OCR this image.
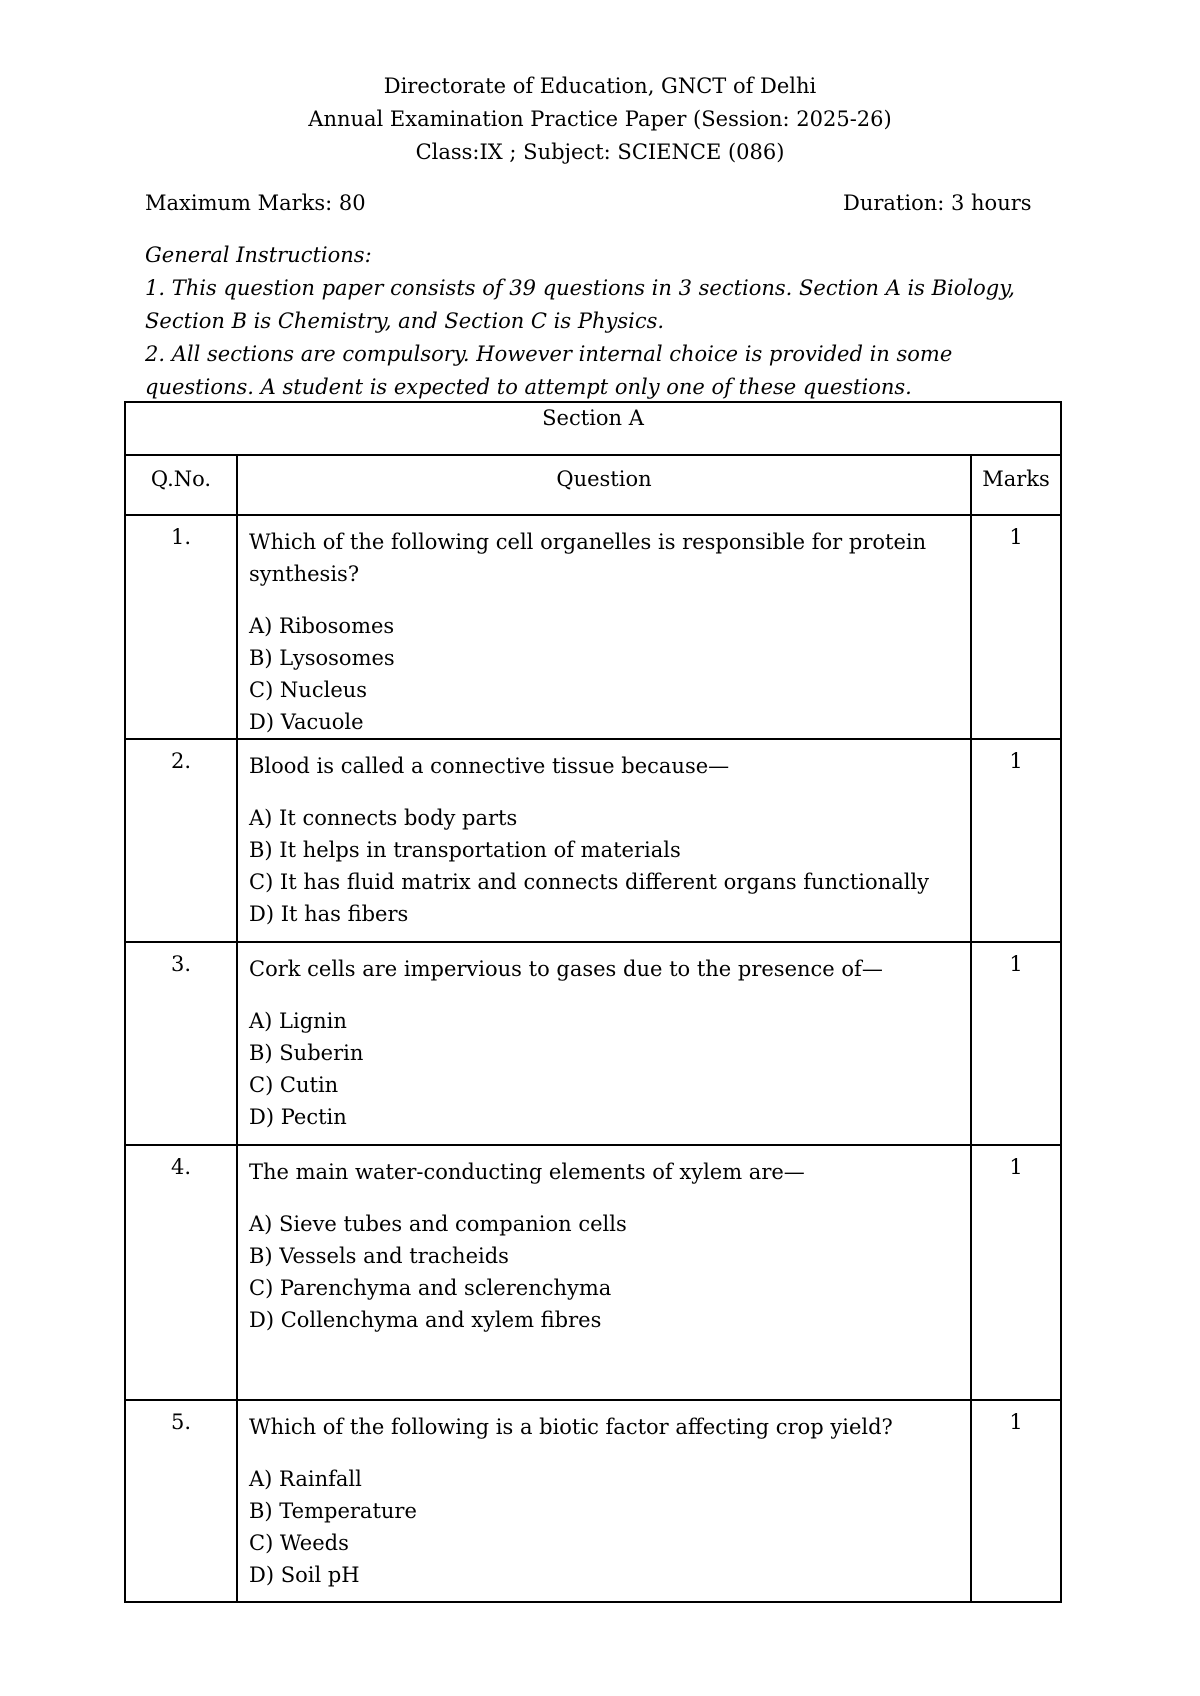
Directorate of Education, GNCT of Delhi
Annual Examination Practice Paper (Session: 2025-26)
Class:IX ; Subject: SCIENCE (086)
Maximum Marks: 80	Duration: 3 hours
General Instructions:
1. This question paper consists of 39 questions in 3 sections. Section A is Biology, Section B is Chemistry, and Section C is Physics.
2. All sections are compulsory. However internal choice is provided in some questions. A student is expected to attempt only one of these questions.
Section A		
Q.No.	Question	Marks
1.	Which of the following cell organelles is responsible for protein synthesis?
A) Ribosomes
B) Lysosomes
C) Nucleus
D) Vacuole	1
2.	Blood is called a connective tissue because—
A) It connects body parts
B) It helps in transportation of materials
C) It has fluid matrix and connects different organs functionally
D) It has fibers	1
3.	Cork cells are impervious to gases due to the presence of—
A) Lignin
B) Suberin
C) Cutin
D) Pectin	1
4.	The main water-conducting elements of xylem are—
A) Sieve tubes and companion cells
B) Vessels and tracheids
C) Parenchyma and sclerenchyma
D) Collenchyma and xylem fibres	1
5.	Which of the following is a biotic factor affecting crop yield?
A) Rainfall
B) Temperature
C) Weeds
D) Soil pH	1
